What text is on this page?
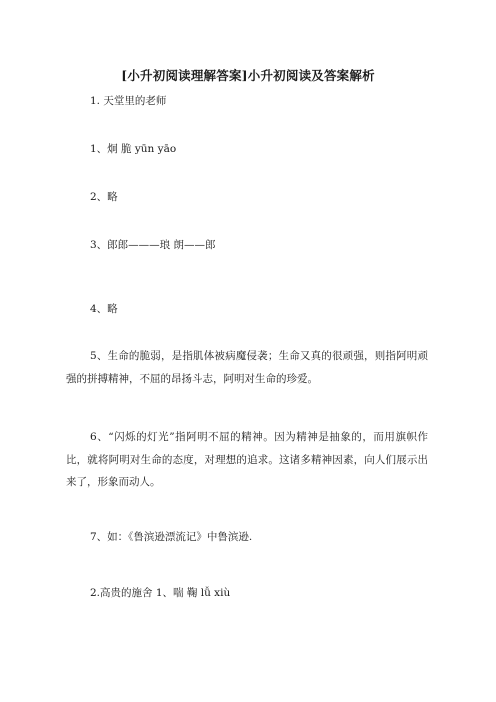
[小升初阅读理解答案]小升初阅读及答案解析
1. 天堂里的老师
1、炯 脆 yūn yāo
2、略
3、郎郎———琅 朗——郎
4、略
5、生命的脆弱，是指肌体被病魔侵袭；生命又真的很顽强，则指阿明顽强的拼搏精神，不屈的昂扬斗志，阿明对生命的珍爱。
6、“闪烁的灯光”指阿明不屈的精神。因为精神是抽象的，而用旗帜作比，就将阿明对生命的态度，对理想的追求。这诸多精神因素，向人们展示出来了，形象而动人。
7、如：《鲁滨逊漂流记》中鲁滨逊.
2.高贵的施舍 1、喘 鞠 lǚ xiù
